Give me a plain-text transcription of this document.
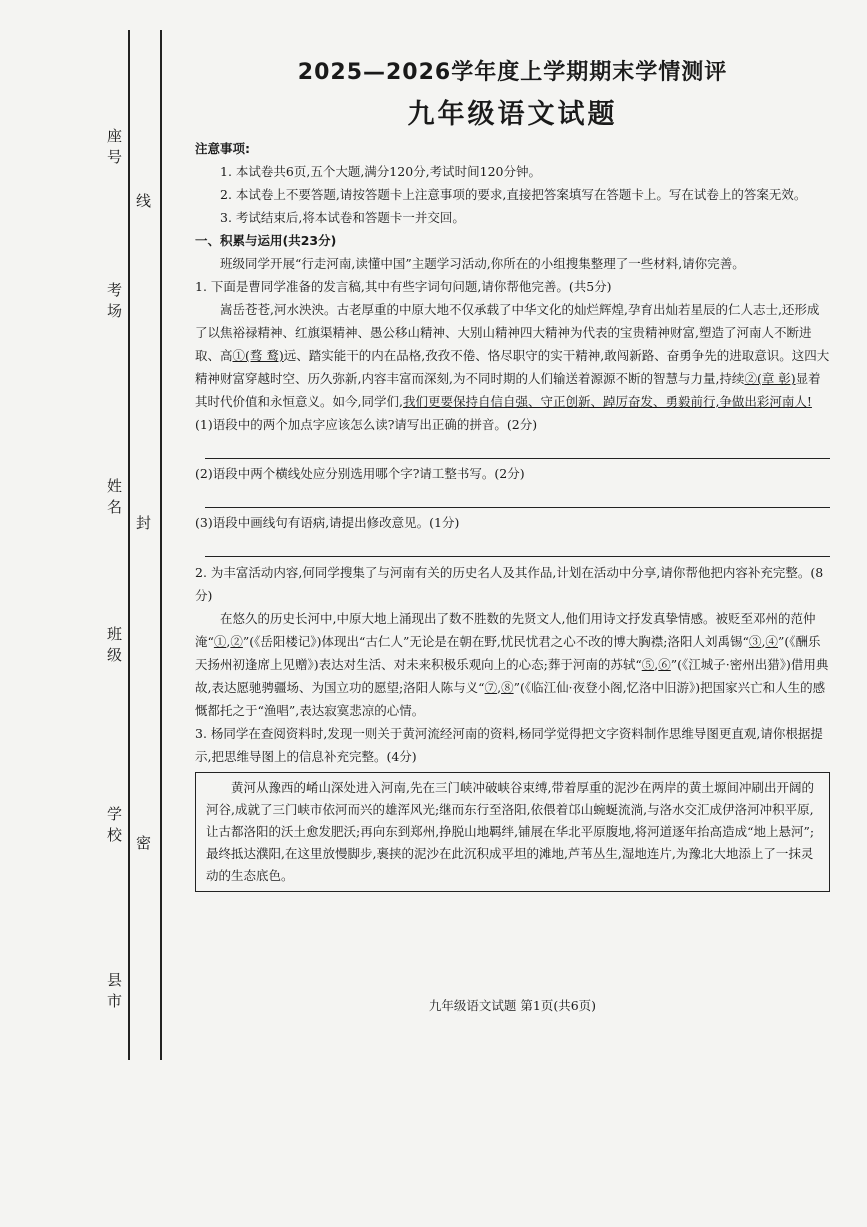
座号
考场
姓名
班级
学校
县市
线
封
密
2025—2026学年度上学期期末学情测评
九年级语文试题

注意事项:

1. 本试卷共6页,五个大题,满分120分,考试时间120分钟。

2. 本试卷上不要答题,请按答题卡上注意事项的要求,直接把答案填写在答题卡上。写在试卷上的答案无效。

3. 考试结束后,将本试卷和答题卡一并交回。

一、积累与运用(共23分)

班级同学开展“行走河南,读懂中国”主题学习活动,你所在的小组搜集整理了一些材料,请你完善。

1. 下面是曹同学准备的发言稿,其中有些字词句问题,请你帮他完善。(共5分)

嵩岳苍苍,河水泱泱。古老厚重的中原大地不仅承载了中华文化的灿烂辉煌,孕育出灿若星辰的仁人志士,还形成了以焦裕禄精神、红旗渠精神、愚公移山精神、大别山精神四大精神为代表的宝贵精神财富,塑造了河南人不断进取、高①(骛 鹜)远、踏实能干的内在品格,孜孜不倦、恪尽职守的实干精神,敢闯新路、奋勇争先的进取意识。这四大精神财富穿越时空、历久弥新,内容丰富而深刻,为不同时期的人们输送着源源不断的智慧与力量,持续②(章 彰)显着其时代价值和永恒意义。如今,同学们,我们更要保持自信自强、守正创新、踔厉奋发、勇毅前行,争做出彩河南人!

(1)语段中的两个加点字应该怎么读?请写出正确的拼音。(2分)

(2)语段中两个横线处应分别选用哪个字?请工整书写。(2分)

(3)语段中画线句有语病,请提出修改意见。(1分)

2. 为丰富活动内容,何同学搜集了与河南有关的历史名人及其作品,计划在活动中分享,请你帮他把内容补充完整。(8分)

在悠久的历史长河中,中原大地上涌现出了数不胜数的先贤文人,他们用诗文抒发真挚情感。被贬至邓州的范仲淹“①,②”(《岳阳楼记》)体现出“古仁人”无论是在朝在野,忧民忧君之心不改的博大胸襟;洛阳人刘禹锡“③,④”(《酬乐天扬州初逢席上见赠》)表达对生活、对未来积极乐观向上的心态;葬于河南的苏轼“⑤,⑥”(《江城子·密州出猎》)借用典故,表达愿驰骋疆场、为国立功的愿望;洛阳人陈与义“⑦,⑧”(《临江仙·夜登小阁,忆洛中旧游》)把国家兴亡和人生的感慨都托之于“渔唱”,表达寂寞悲凉的心情。

3. 杨同学在查阅资料时,发现一则关于黄河流经河南的资料,杨同学觉得把文字资料制作思维导图更直观,请你根据提示,把思维导图上的信息补充完整。(4分)

黄河从豫西的崤山深处进入河南,先在三门峡冲破峡谷束缚,带着厚重的泥沙在两岸的黄土塬间冲刷出开阔的河谷,成就了三门峡市依河而兴的雄浑风光;继而东行至洛阳,依偎着邙山蜿蜒流淌,与洛水交汇成伊洛河冲积平原,让古都洛阳的沃土愈发肥沃;再向东到郑州,挣脱山地羁绊,铺展在华北平原腹地,将河道逐年抬高造成“地上悬河”;最终抵达濮阳,在这里放慢脚步,裹挟的泥沙在此沉积成平坦的滩地,芦苇丛生,湿地连片,为豫北大地添上了一抹灵动的生态底色。

九年级语文试题 第1页(共6页)
